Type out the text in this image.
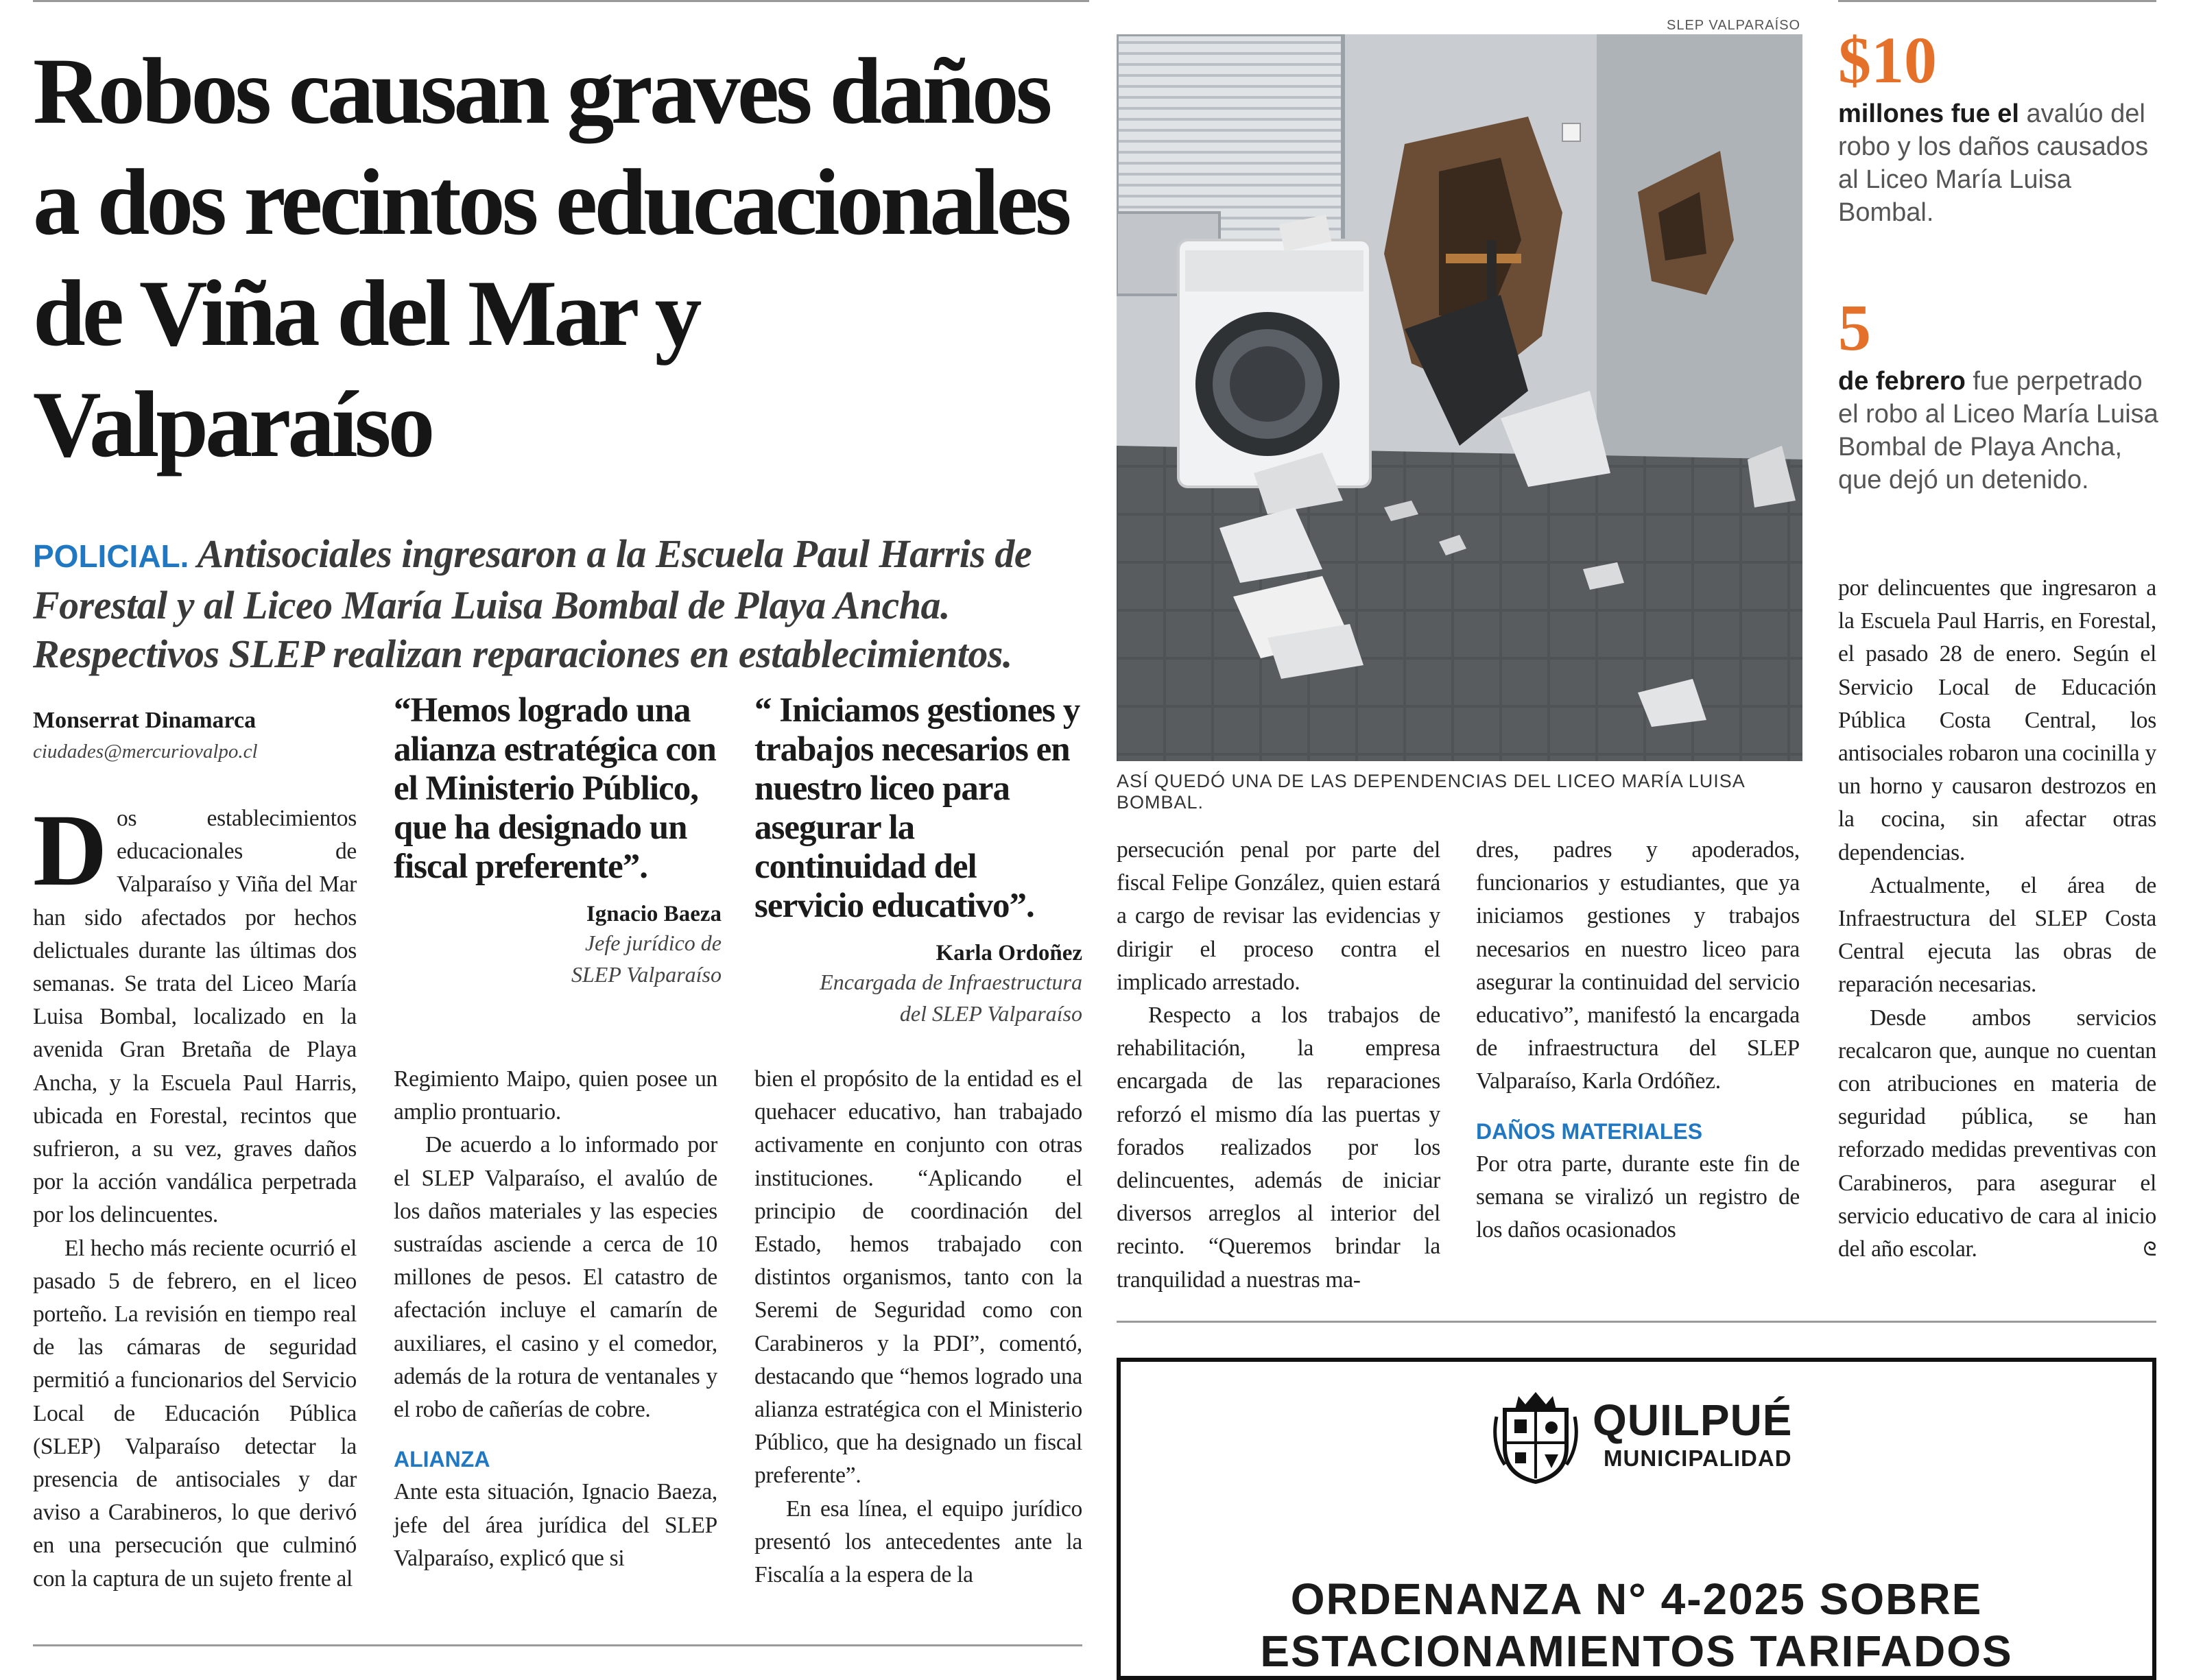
Robos causan graves daños a dos recintos educacionales de Viña del Mar y Valparaíso
POLICIAL. Antisociales ingresaron a la Escuela Paul Harris de Forestal y al Liceo María Luisa Bombal de Playa Ancha. Respectivos SLEP realizan reparaciones en establecimientos.
Monserrat Dinamarca
ciudades@mercuriovalpo.cl
“Hemos logrado una alianza estratégica con el Ministerio Público, que ha designado un fiscal preferente”.
Ignacio Baeza
Jefe jurídico de
SLEP Valparaíso
“ Iniciamos gestiones y trabajos necesarios en nuestro liceo para asegurar la continuidad del servicio educativo”.
Karla Ordoñez
Encargada de Infraestructura
del SLEP Valparaíso
D os establecimientos educacionales de Valparaíso y Viña del Mar han sido afectados por hechos delictuales durante las últimas dos semanas. Se trata del Liceo María Luisa Bombal, localizado en la avenida Gran Bretaña de Playa Ancha, y la Escuela Paul Harris, ubicada en Forestal, recintos que sufrieron, a su vez, graves daños por la acción vandálica perpetrada por los delincuentes.

El hecho más reciente ocurrió el pasado 5 de febrero, en el liceo porteño. La revisión en tiempo real de las cámaras de seguridad permitió a funcionarios del Servicio Local de Educación Pública (SLEP) Valparaíso detectar la presencia de antisociales y dar aviso a Carabineros, lo que derivó en una persecución que culminó con la captura de un sujeto frente al

Regimiento Maipo, quien posee un amplio prontuario.

De acuerdo a lo informado por el SLEP Valparaíso, el avalúo de los daños materiales y las especies sustraídas asciende a cerca de 10 millones de pesos. El catastro de afectación incluye el camarín de auxiliares, el casino y el comedor, además de la rotura de ventanales y el robo de cañerías de cobre.

ALIANZA

Ante esta situación, Ignacio Baeza, jefe del área jurídica del SLEP Valparaíso, explicó que si

bien el propósito de la entidad es el quehacer educativo, han trabajado activamente en conjunto con otras instituciones. “Aplicando el principio de coordinación del Estado, hemos trabajado con distintos organismos, tanto con la Seremi de Seguridad como con Carabineros y la PDI”, comentó, destacando que “hemos logrado una alianza estratégica con el Ministerio Público, que ha designado un fiscal preferente”.

En esa línea, el equipo jurídico presentó los antecedentes ante la Fiscalía a la espera de la

SLEP VALPARAÍSO
ASÍ QUEDÓ UNA DE LAS DEPENDENCIAS DEL LICEO MARÍA LUISA BOMBAL.
$10
millones fue el avalúo del robo y los daños causados al Liceo María Luisa Bombal.
5
de febrero fue perpetrado el robo al Liceo María Luisa Bombal de Playa Ancha, que dejó un detenido.

persecución penal por parte del fiscal Felipe González, quien estará a cargo de revisar las evidencias y dirigir el proceso contra el implicado arrestado.

Respecto a los trabajos de rehabilitación, la empresa encargada de las reparaciones reforzó el mismo día las puertas y forados realizados por los delincuentes, además de iniciar diversos arreglos al interior del recinto. “Queremos brindar la tranquilidad a nuestras ma-

dres, padres y apoderados, funcionarios y estudiantes, que ya iniciamos gestiones y trabajos necesarios en nuestro liceo para asegurar la continuidad del servicio educativo”, manifestó la encargada de infraestructura del SLEP Valparaíso, Karla Ordóñez.

DAÑOS MATERIALES

Por otra parte, durante este fin de semana se viralizó un registro de los daños ocasionados

por delincuentes que ingresaron a la Escuela Paul Harris, en Forestal, el pasado 28 de enero. Según el Servicio Local de Educación Pública Costa Central, los antisociales robaron una cocinilla y un horno y causaron destrozos en la cocina, sin afectar otras dependencias.

Actualmente, el área de Infraestructura del SLEP Costa Central ejecuta las obras de reparación necesarias.

Desde ambos servicios recalcaron que, aunque no cuentan con atribuciones en materia de seguridad pública, se han reforzado medidas preventivas con Carabineros, para asegurar el servicio educativo de cara al inicio del año escolar.	ᘓ

QUILPUÉ
MUNICIPALIDAD
ORDENANZA N° 4-2025 SOBRE
ESTACIONAMIENTOS TARIFADOS
